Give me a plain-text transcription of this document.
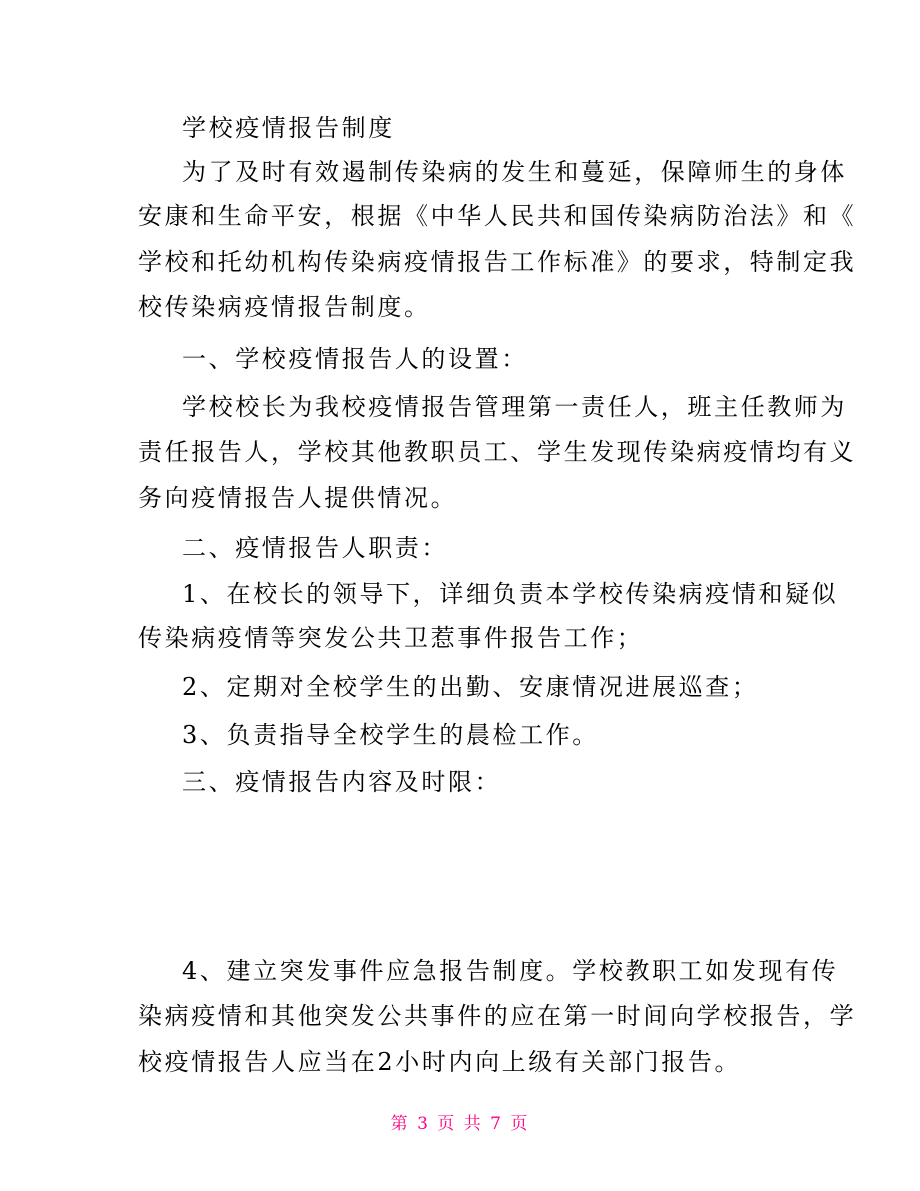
学校疫情报告制度
为了及时有效遏制传染病的发生和蔓延，保障师生的身体
安康和生命平安，根据《中华人民共和国传染病防治法》和《
学校和托幼机构传染病疫情报告工作标准》的要求，特制定我
校传染病疫情报告制度。
一、学校疫情报告人的设置：
学校校长为我校疫情报告管理第一责任人，班主任教师为
责任报告人，学校其他教职员工、学生发现传染病疫情均有义
务向疫情报告人提供情况。
二、疫情报告人职责：
1、在校长的领导下，详细负责本学校传染病疫情和疑似
传染病疫情等突发公共卫惹事件报告工作；
2、定期对全校学生的出勤、安康情况进展巡查；
3、负责指导全校学生的晨检工作。
三、疫情报告内容及时限：
4、建立突发事件应急报告制度。学校教职工如发现有传
染病疫情和其他突发公共事件的应在第一时间向学校报告，学
校疫情报告人应当在2小时内向上级有关部门报告。
第 3 页 共 7 页
